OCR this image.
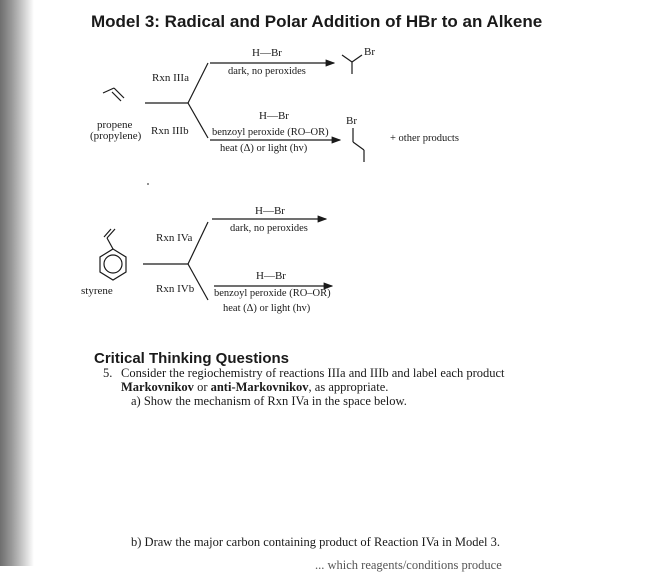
Model 3: Radical and Polar Addition of HBr to an Alkene
propene
(propylene)
Rxn IIIa
Rxn IIIb
H—Br
dark, no peroxides
Br
H—Br
benzoyl peroxide (RO–OR)
heat (Δ) or light (hv)
Br
+ other products
styrene
Rxn IVa
Rxn IVb
H—Br
dark, no peroxides
H—Br
benzoyl peroxide (RO–OR)
heat (Δ) or light (hv)
Critical Thinking Questions
5. Consider the regiochemistry of reactions IIIa and IIIb and label each product
Markovnikov or anti-Markovnikov, as appropriate.
a) Show the mechanism of Rxn IVa in the space below.
b) Draw the major carbon containing product of Reaction IVa in Model 3.
... which reagents/conditions produce
